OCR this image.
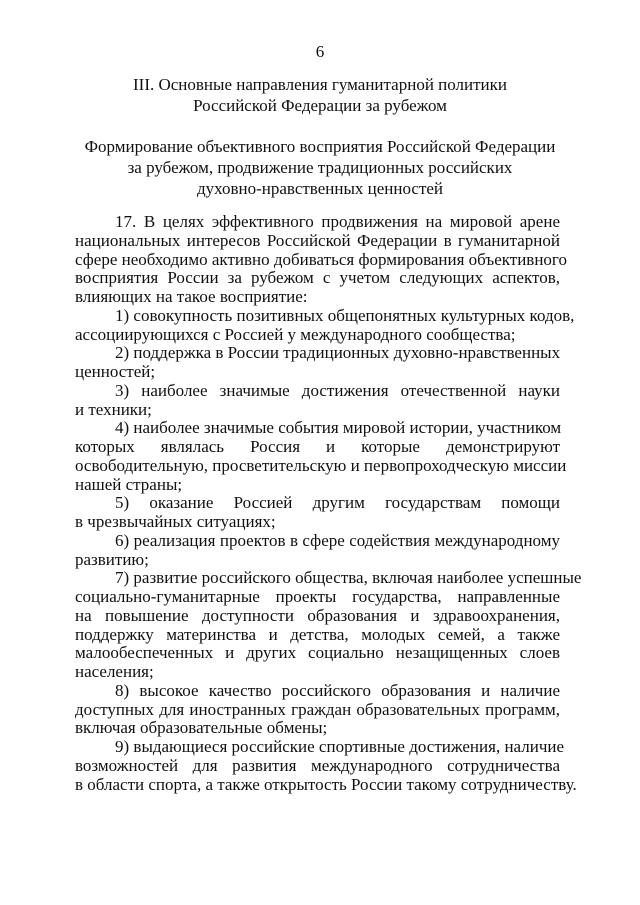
6
III. Основные направления гуманитарной политики
Российской Федерации за рубежом
Формирование объективного восприятия Российской Федерации
за рубежом, продвижение традиционных российских
духовно-нравственных ценностей
17. В целях эффективного продвижения на мировой арене
национальных интересов Российской Федерации в гуманитарной
сфере необходимо активно добиваться формирования объективного
восприятия России за рубежом с учетом следующих аспектов,
влияющих на такое восприятие:
1) совокупность позитивных общепонятных культурных кодов,
ассоциирующихся с Россией у международного сообщества;
2) поддержка в России традиционных духовно-нравственных
ценностей;
3) наиболее значимые достижения отечественной науки
и техники;
4) наиболее значимые события мировой истории, участником
которых являлась Россия и которые демонстрируют
освободительную, просветительскую и первопроходческую миссии
нашей страны;
5) оказание Россией другим государствам помощи
в чрезвычайных ситуациях;
6) реализация проектов в сфере содействия международному
развитию;
7) развитие российского общества, включая наиболее успешные
социально-гуманитарные проекты государства, направленные
на повышение доступности образования и здравоохранения,
поддержку материнства и детства, молодых семей, а также
малообеспеченных и других социально незащищенных слоев
населения;
8) высокое качество российского образования и наличие
доступных для иностранных граждан образовательных программ,
включая образовательные обмены;
9) выдающиеся российские спортивные достижения, наличие
возможностей для развития международного сотрудничества
в области спорта, а также открытость России такому сотрудничеству.
